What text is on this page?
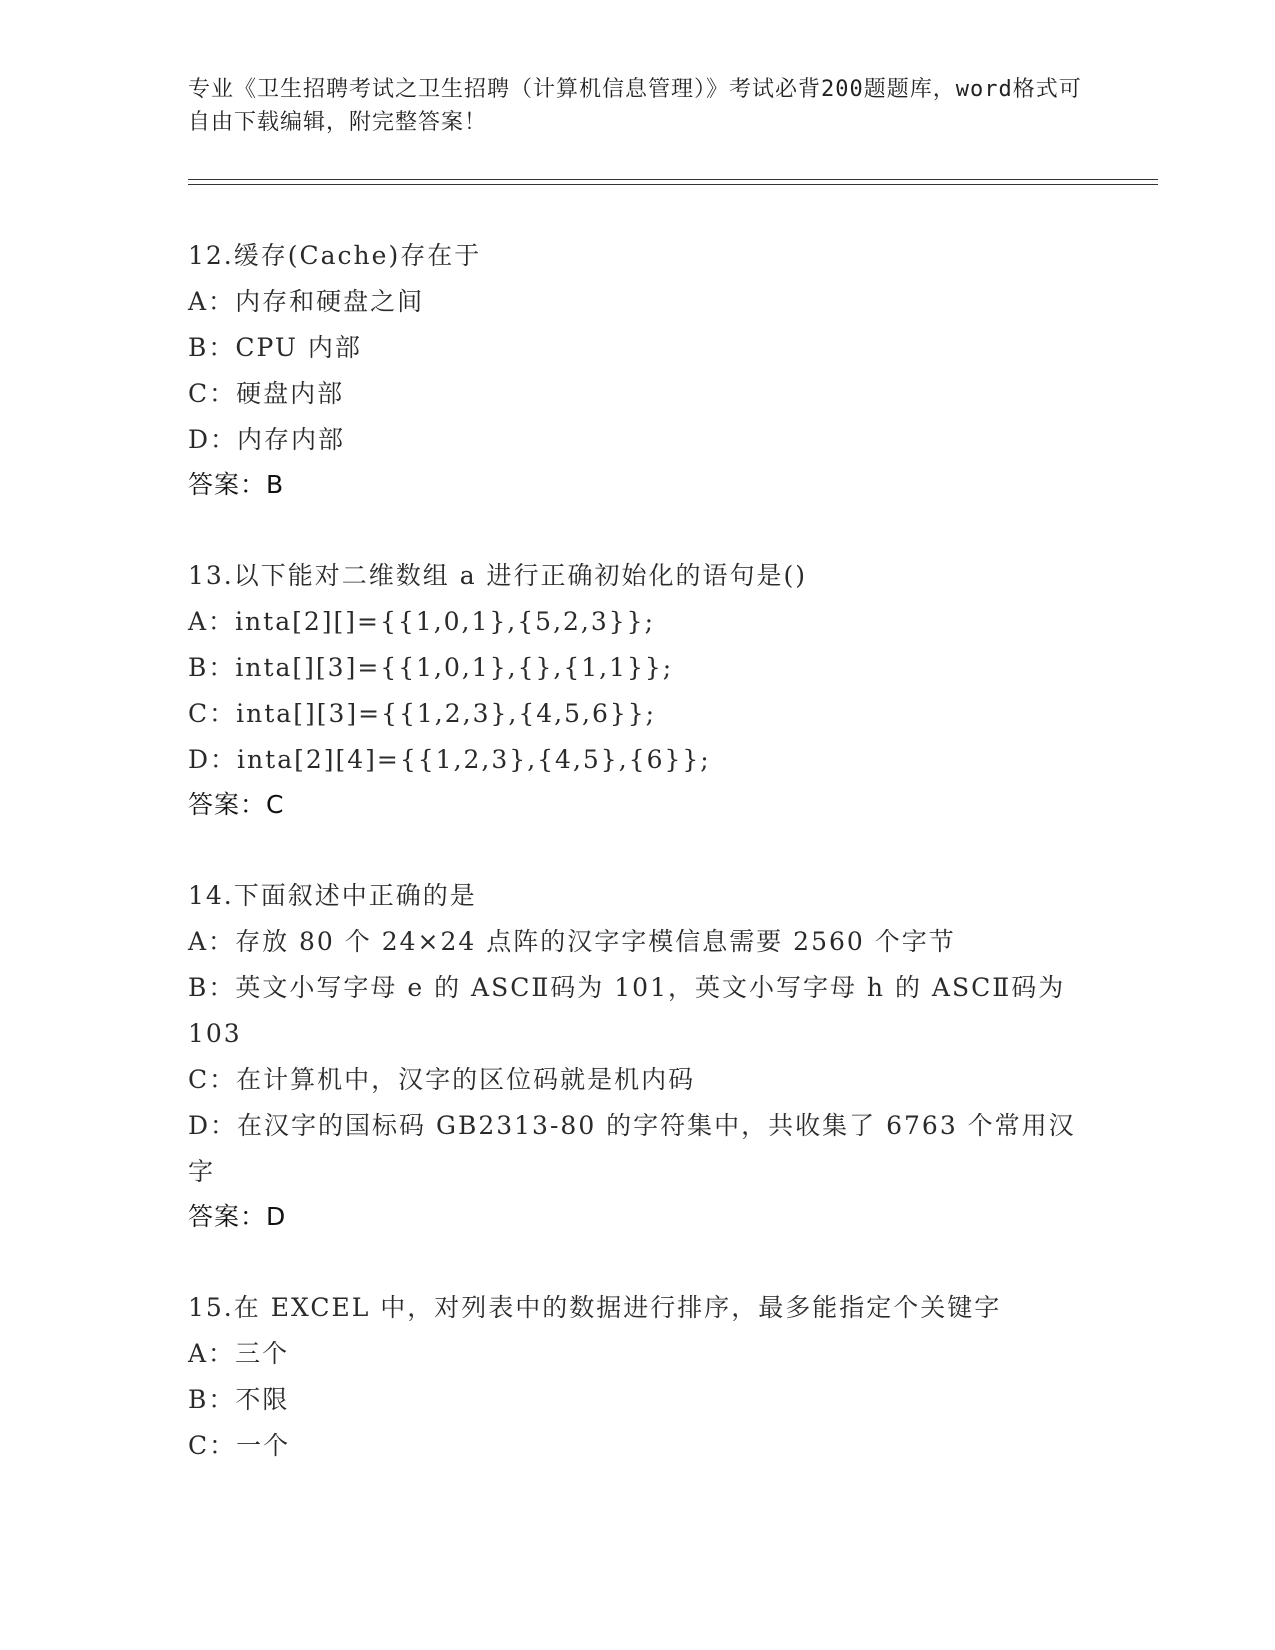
专业《卫生招聘考试之卫生招聘（计算机信息管理）》考试必背200题题库，word格式可自由下载编辑，附完整答案！
12.缓存(Cache)存在于
A： 内存和硬盘之间
B： CPU 内部
C： 硬盘内部
D： 内存内部
答案：B
13.以下能对二维数组 a 进行正确初始化的语句是()
A： inta[2][]={{1,0,1},{5,2,3}};
B： inta[][3]={{1,0,1},{},{1,1}};
C： inta[][3]={{1,2,3},{4,5,6}};
D： inta[2][4]={{1,2,3},{4,5},{6}};
答案：C
14.下面叙述中正确的是
A：存放 80 个 24×24 点阵的汉字字模信息需要 2560 个字节
B：英文小写字母 e 的 ASCⅡ码为 101，英文小写字母 h 的 ASCⅡ码为 103
C：在计算机中，汉字的区位码就是机内码
D：在汉字的国标码 GB2313-80 的字符集中，共收集了 6763 个常用汉字
答案：D
15.在 EXCEL 中，对列表中的数据进行排序，最多能指定个关键字
A： 三个
B： 不限
C： 一个
